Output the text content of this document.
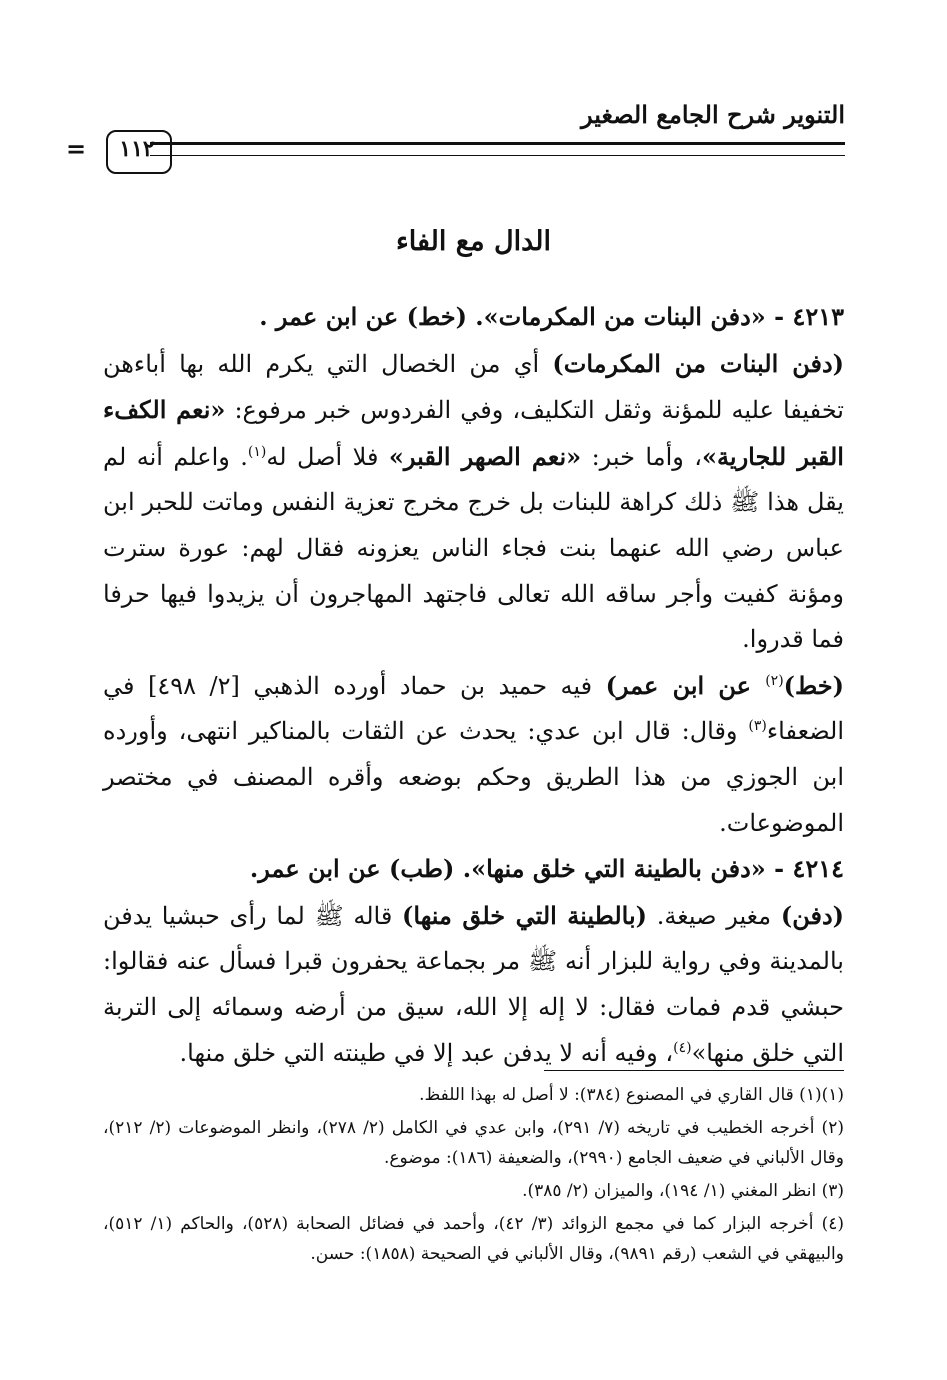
التنوير شرح الجامع الصغير
١١٢
=
الدال مع الفاء

٤٢١٣ - «دفن البنات من المكرمات». (خط) عن ابن عمر .

(دفن البنات من المكرمات) أي من الخصال التي يكرم الله بها أباءهن تخفيفا عليه للمؤنة وثقل التكليف، وفي الفردوس خبر مرفوع: «نعم الكفء القبر للجارية»، وأما خبر: «نعم الصهر القبر» فلا أصل له$^{(١)}$. واعلم أنه لم يقل هذا ﷺ ذلك كراهة للبنات بل خرج مخرج تعزية النفس وماتت للحبر ابن عباس رضي الله عنهما بنت فجاء الناس يعزونه فقال لهم: عورة سترت ومؤنة كفيت وأجر ساقه الله تعالى فاجتهد المهاجرون أن يزيدوا فيها حرفا فما قدروا.

(خط)$^{(٢)}$ عن ابن عمر) فيه حميد بن حماد أورده الذهبي [٢/ ٤٩٨] في الضعفاء$^{(٣)}$ وقال: قال ابن عدي: يحدث عن الثقات بالمناكير انتهى، وأورده ابن الجوزي من هذا الطريق وحكم بوضعه وأقره المصنف في مختصر الموضوعات.

٤٢١٤ - «دفن بالطينة التي خلق منها». (طب) عن ابن عمر.

(دفن) مغير صيغة. (بالطينة التي خلق منها) قاله ﷺ لما رأى حبشيا يدفن بالمدينة وفي رواية للبزار أنه ﷺ مر بجماعة يحفرون قبرا فسأل عنه فقالوا: حبشي قدم فمات فقال: لا إله إلا الله، سيق من أرضه وسمائه إلى التربة التي خلق منها»$^{(٤)}$، وفيه أنه لا يدفن عبد إلا في طينته التي خلق منها.

(١)(١) قال القاري في المصنوع (٣٨٤): لا أصل له بهذا اللفظ.

(٢) أخرجه الخطيب في تاريخه (٧/ ٢٩١)، وابن عدي في الكامل (٢/ ٢٧٨)، وانظر الموضوعات (٢/ ٢١٢)، وقال الألباني في ضعيف الجامع (٢٩٩٠)، والضعيفة (١٨٦): موضوع.

(٣) انظر المغني (١/ ١٩٤)، والميزان (٢/ ٣٨٥).

(٤) أخرجه البزار كما في مجمع الزوائد (٣/ ٤٢)، وأحمد في فضائل الصحابة (٥٢٨)، والحاكم (١/ ٥١٢)، والبيهقي في الشعب (رقم ٩٨٩١)، وقال الألباني في الصحيحة (١٨٥٨): حسن.
